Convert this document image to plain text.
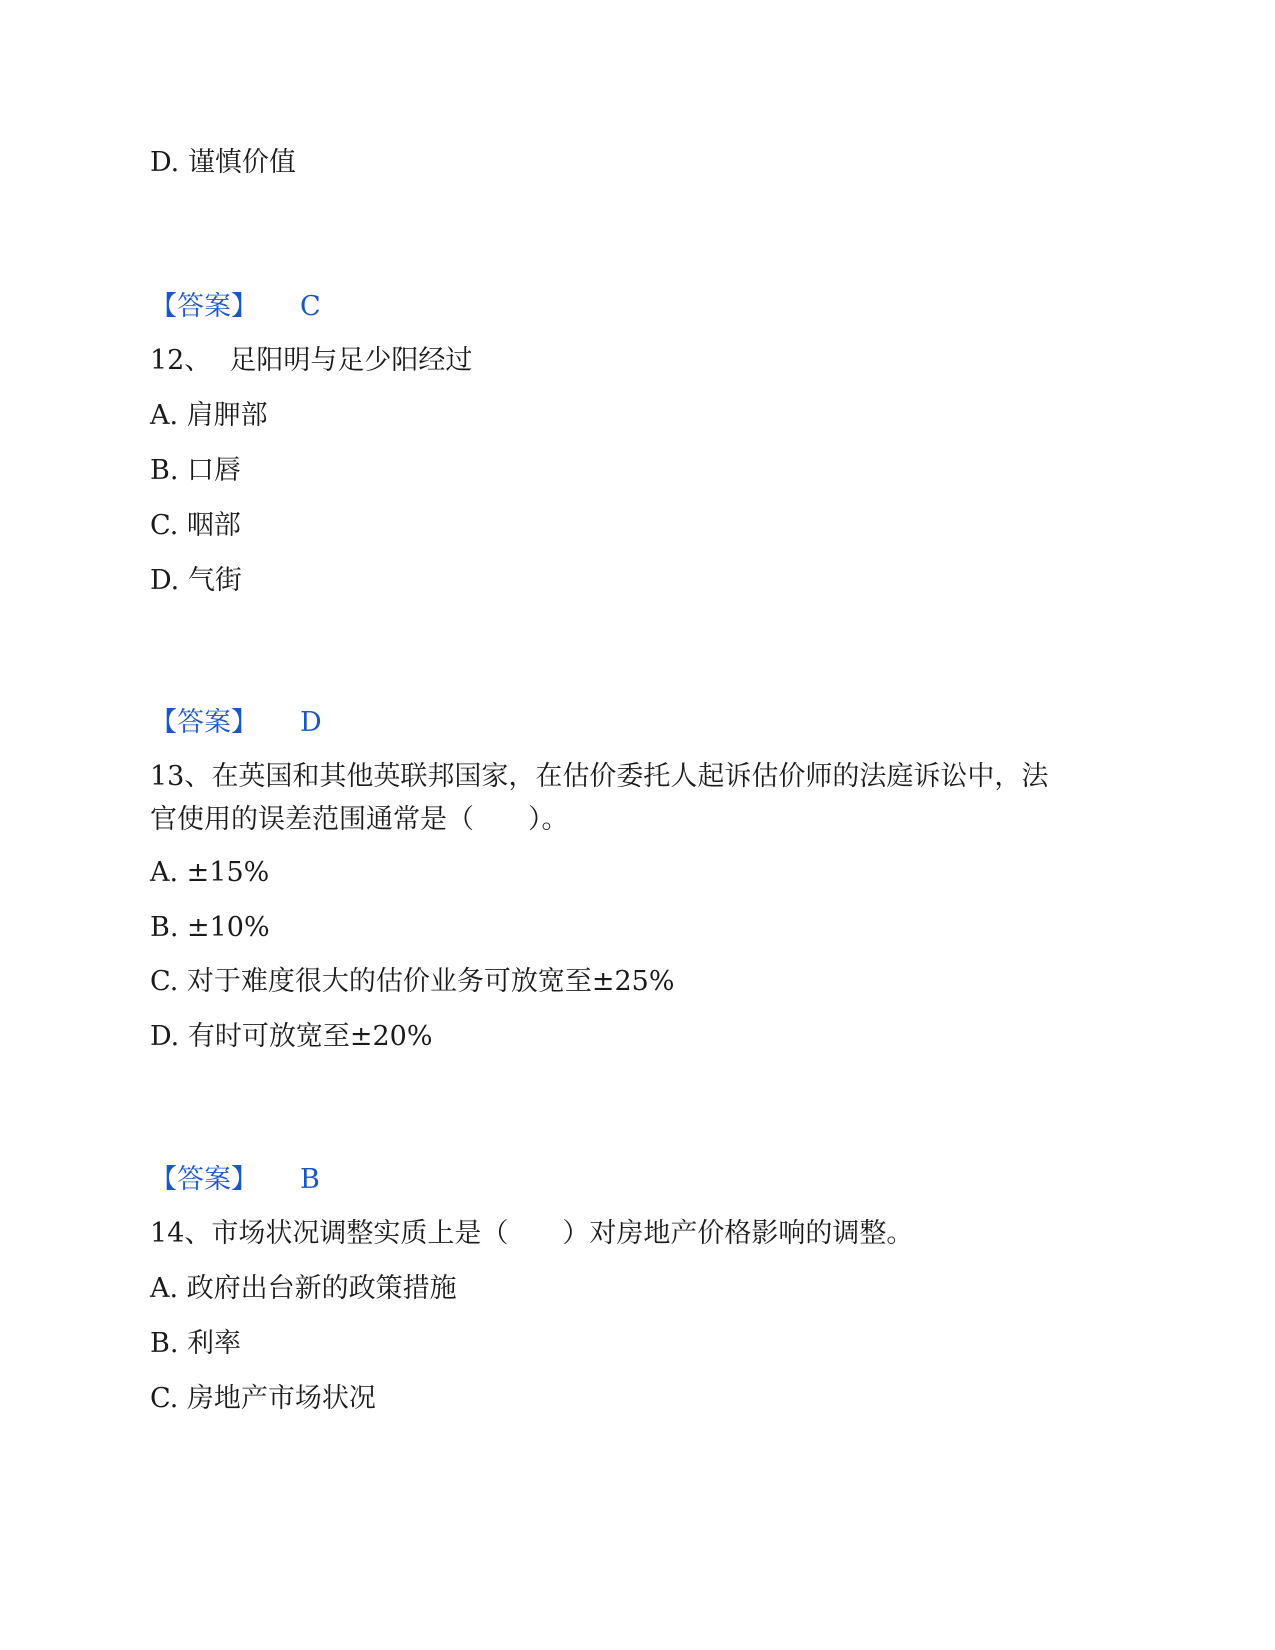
D. 谨慎价值
【答案】 C
12、 足阳明与足少阳经过
A. 肩胛部
B. 口唇
C. 咽部
D. 气街
【答案】 D
13、在英国和其他英联邦国家，在估价委托人起诉估价师的法庭诉讼中，法
官使用的误差范围通常是（　　）。
A. ±15%
B. ±10%
C. 对于难度很大的估价业务可放宽至±25%
D. 有时可放宽至±20%
【答案】 B
14、市场状况调整实质上是（　　）对房地产价格影响的调整。
A. 政府出台新的政策措施
B. 利率
C. 房地产市场状况
